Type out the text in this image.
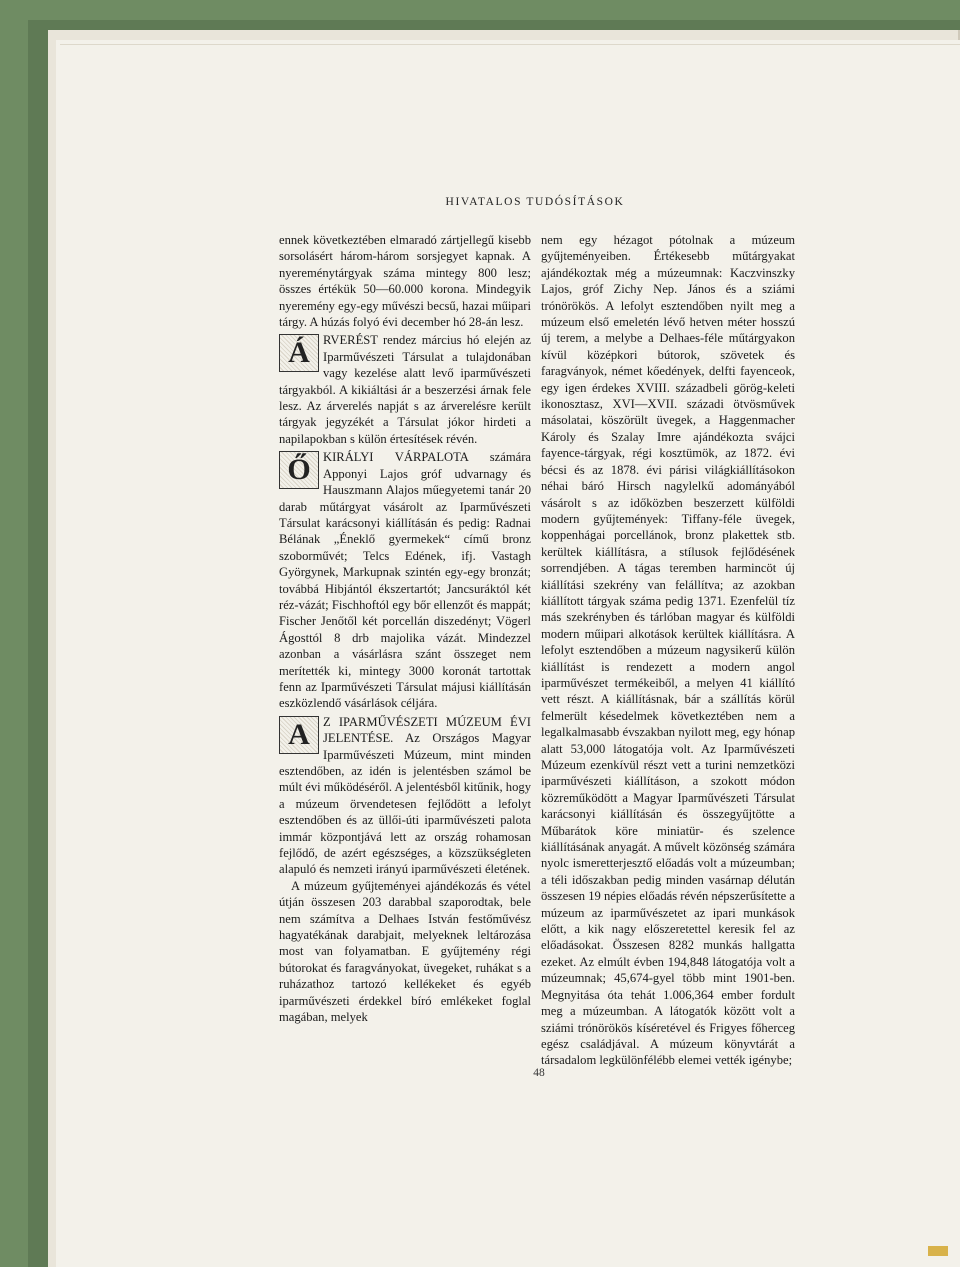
HIVATALOS TUDÓSÍTÁSOK

ennek következtében elmaradó zártjellegű kisebb sorsolásért három-három sorsjegyet kapnak. A nyereménytárgyak száma mintegy 800 lesz; összes értékük 50—60.000 korona. Mindegyik nyeremény egy-egy művészi becsű, hazai műipari tárgy. A húzás folyó évi december hó 28-án lesz.

Á	RVERÉST rendez március hó elején az Iparművészeti Társulat a tulajdonában vagy kezelése alatt levő iparművészeti tárgyakból. A kikiáltási ár a beszerzési árnak fele lesz. Az árverelés napját s az árverelésre került tárgyak jegyzékét a Társulat jókor hirdeti a napilapokban s külön értesítések révén.

Ő KIRÁLYI VÁRPALOTA számára Apponyi Lajos gróf udvarnagy és Hauszmann Alajos műegyetemi tanár 20 darab műtárgyat vásárolt az Iparművészeti Társulat karácsonyi kiállításán és pedig: Radnai Bélának „Éneklő gyermekek“ című bronz szoborművét; Telcs Edének, ifj. Vastagh Györgynek, Markupnak szintén egy-egy bronzát; továbbá Hibjántól ékszertartót; Jancsuráktól két réz-vázát; Fischhoftól egy bőr ellenzőt és mappát; Fischer Jenőtől két porcellán diszedényt; Vögerl Ágosttól 8 drb majolika vázát. Mindezzel azonban a vásárlásra szánt összeget nem merítették ki, mintegy 3000 koronát tartottak fenn az Iparművészeti Társulat májusi kiállításán eszközlendő vásárlások céljára.

A	Z IPARMŰVÉSZETI MÚZEUM ÉVI JELENTÉSE. Az Országos Magyar Iparművészeti Múzeum, mint minden esztendőben, az idén is jelentésben számol be múlt évi működéséről. A jelentésből kitűnik, hogy a múzeum örvendetesen fejlődött a lefolyt esztendőben és az üllői-úti iparművészeti palota immár központjává lett az ország rohamosan fejlődő, de azért egészséges, a közszükségleten alapuló és nemzeti irányú iparművészeti életének.

A múzeum gyűjteményei ajándékozás és vétel útján összesen 203 darabbal szaporodtak, bele nem számítva a Delhaes István festőművész hagyatékának darabjait, melyeknek leltározása most van folyamatban. E gyűjtemény régi bútorokat és faragványokat, üvegeket, ruhákat s a ruházathoz tartozó kellékeket és egyéb iparművészeti érdekkel bíró emlékeket foglal magában, melyek

nem egy hézagot pótolnak a múzeum gyűjteményeiben. Értékesebb műtárgyakat ajándékoztak még a múzeumnak: Kaczvinszky Lajos, gróf Zichy Nep. János és a sziámi trónörökös. A lefolyt esztendőben nyilt meg a múzeum első emeletén lévő hetven méter hosszú új terem, a melybe a Delhaes-féle műtárgyakon kívül középkori bútorok, szövetek és faragványok, német kőedények, delfti fayenceok, egy igen érdekes XVIII. századbeli görög-keleti ikonosztasz, XVI—XVII. századi ötvösművek másolatai, köszörült üvegek, a Haggenmacher Károly és Szalay Imre ajándékozta svájci fayence-tárgyak, régi kosztümök, az 1872. évi bécsi és az 1878. évi párisi világkiállításokon néhai báró Hirsch nagylelkű adományából vásárolt s az időközben beszerzett külföldi modern gyűjtemények: Tiffany-féle üvegek, koppenhágai porcellánok, bronz plakettek stb. kerültek kiállításra, a stílusok fejlődésének sorrendjében. A tágas teremben harmincöt új kiállítási szekrény van felállítva; az azokban kiállított tárgyak száma pedig 1371. Ezenfelül tíz más szekrényben és tárlóban magyar és külföldi modern műipari alkotások kerültek kiállításra. A lefolyt esztendőben a múzeum nagysikerű külön kiállítást is rendezett a modern angol iparművészet termékeiből, a melyen 41 kiállító vett részt. A kiállításnak, bár a szállítás körül felmerült késedelmek következtében nem a legalkalmasabb évszakban nyilott meg, egy hónap alatt 53,000 látogatója volt. Az Iparművészeti Múzeum ezenkívül részt vett a turini nemzetközi iparművészeti kiállításon, a szokott módon közreműködött a Magyar Iparművészeti Társulat karácsonyi kiállításán és összegyűjtötte a Műbarátok köre miniatür- és szelence kiállításának anyagát. A művelt közönség számára nyolc ismeretterjesztő előadás volt a múzeumban; a téli időszakban pedig minden vasárnap délután összesen 19 népies előadás révén népszerűsítette a múzeum az iparművészetet az ipari munkások előtt, a kik nagy előszeretettel keresik fel az előadásokat. Összesen 8282 munkás hallgatta ezeket. Az elmúlt évben 194,848 látogatója volt a múzeumnak; 45,674-gyel több mint 1901-ben. Megnyitása óta tehát 1.006,364 ember fordult meg a múzeumban. A látogatók között volt a sziámi trónörökös kíséretével és Frigyes főherceg egész családjával. A múzeum könyvtárát a társadalom legkülönfélébb elemei vették igénybe;

48
